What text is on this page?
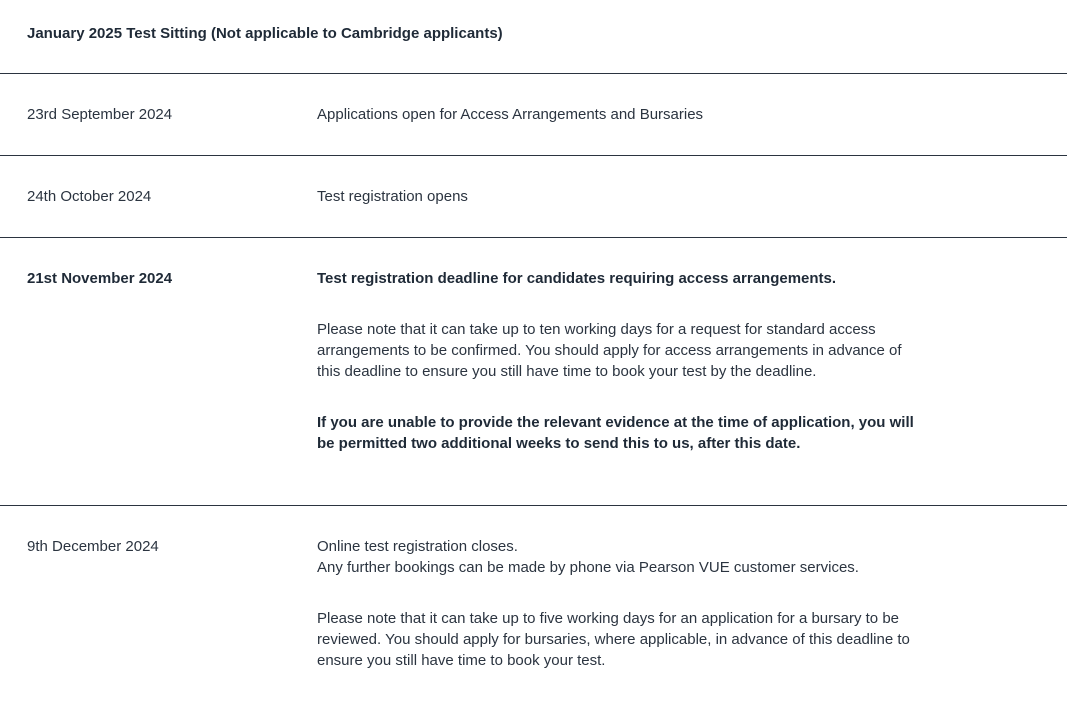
January 2025 Test Sitting (Not applicable to Cambridge applicants)
23rd September 2024	Applications open for Access Arrangements and Bursaries

24th October 2024	Test registration opens

21st November 2024	Test registration deadline for candidates requiring access arrangements.

Please note that it can take up to ten working days for a request for standard access arrangements to be confirmed. You should apply for access arrangements in advance of this deadline to ensure you still have time to book your test by the deadline.

If you are unable to provide the relevant evidence at the time of application, you will be permitted two additional weeks to send this to us, after this date.

9th December 2024	Online test registration closes.
Any further bookings can be made by phone via Pearson VUE customer services.

Please note that it can take up to five working days for an application for a bursary to be reviewed. You should apply for bursaries, where applicable, in advance of this deadline to ensure you still have time to book your test.
